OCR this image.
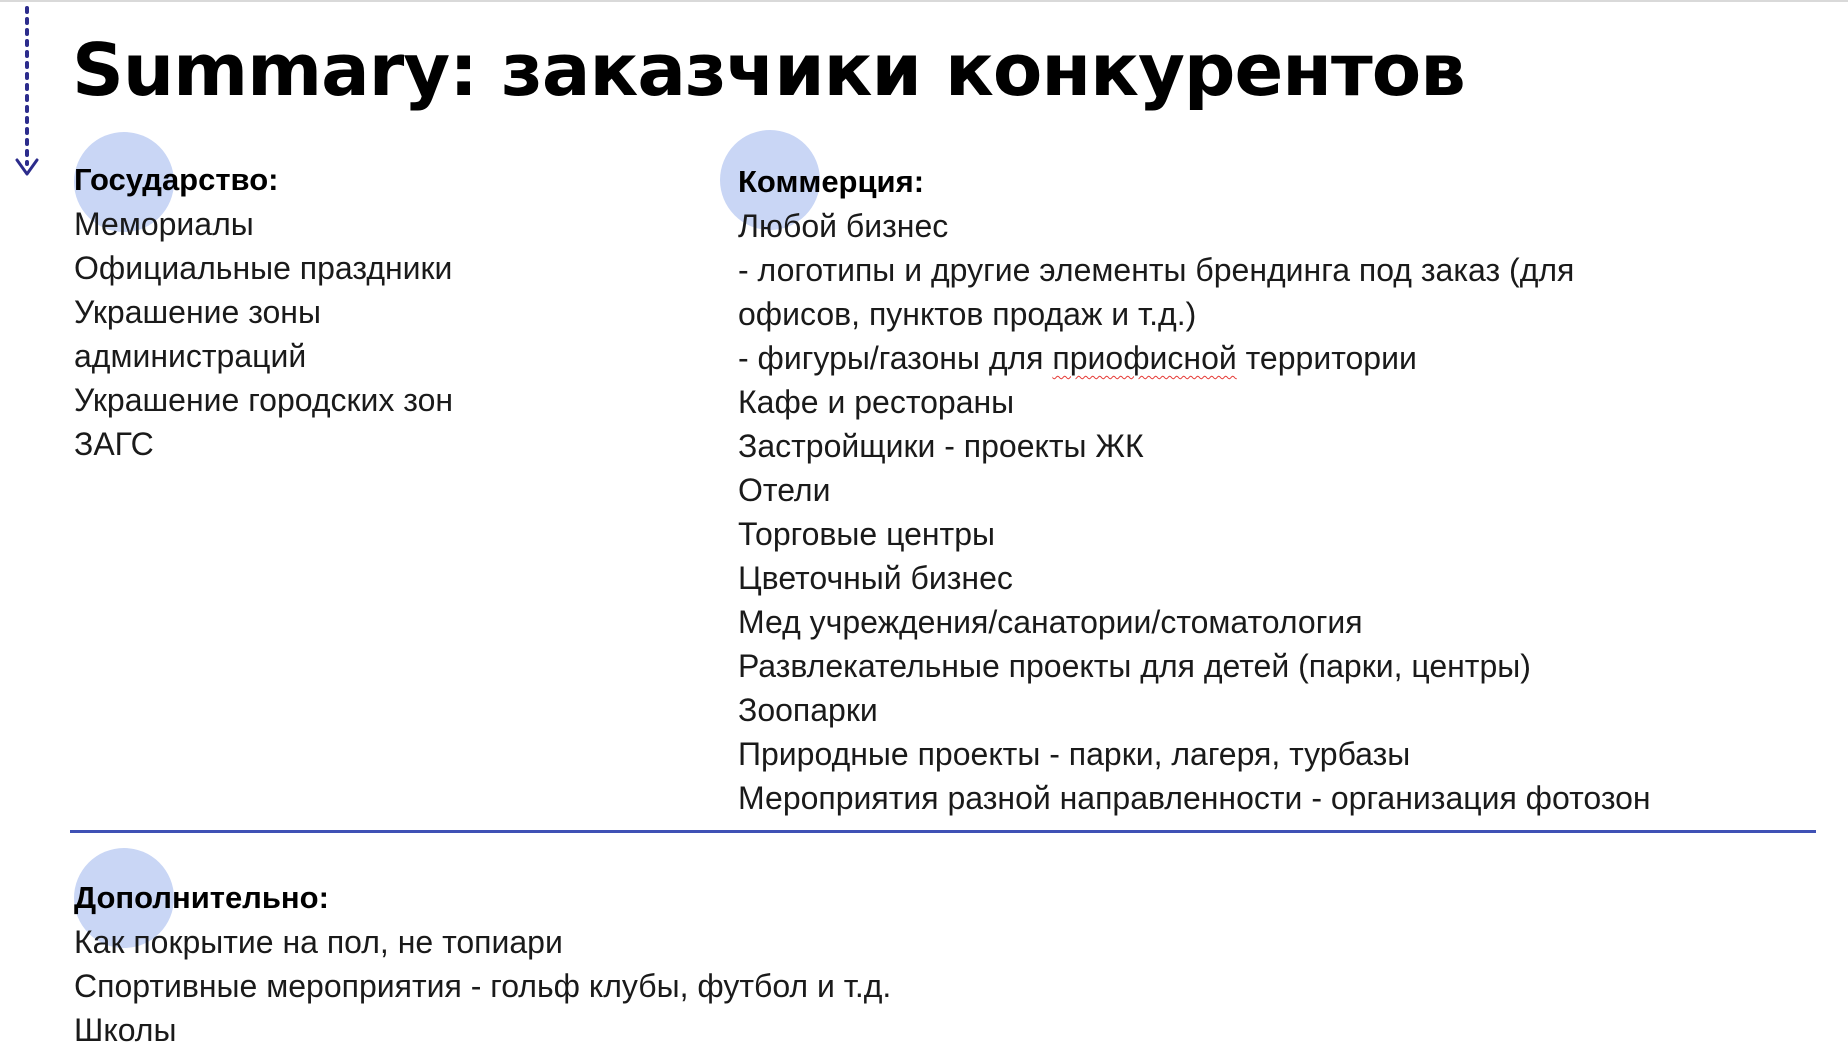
Summary: заказчики конкурентов
Государство:
Мемориалы
Официальные праздники
Украшение зоны
администраций
Украшение городских зон
ЗАГС
Коммерция:
Любой бизнес
- логотипы и другие элементы брендинга под заказ (для
офисов, пунктов продаж и т.д.)
- фигуры/газоны для приофисной территории
Кафе и рестораны
Застройщики - проекты ЖК
Отели
Торговые центры
Цветочный бизнес
Мед учреждения/санатории/стоматология
Развлекательные проекты для детей (парки, центры)
Зоопарки
Природные проекты - парки, лагеря, турбазы
Мероприятия разной направленности - организация фотозон
Дополнительно:
Как покрытие на пол, не топиари
Спортивные мероприятия - гольф клубы, футбол и т.д.
Школы
